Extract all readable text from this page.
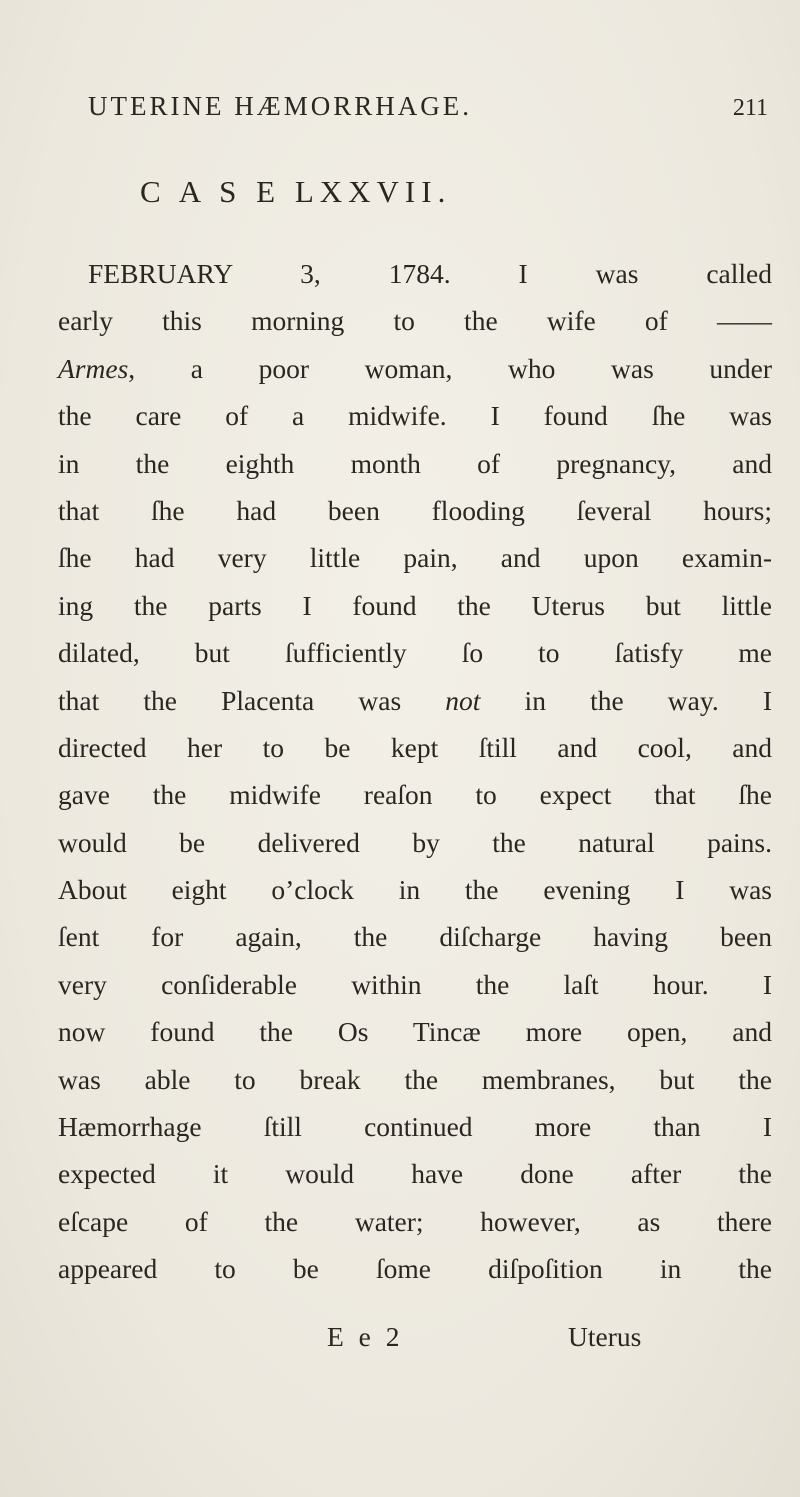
UTERINE HÆMORRHAGE.	211
C A S E LXXVII.
FEBRUARY 3, 1784. I was called
early this morning to the wife of ——
Armes, a poor woman, who was under
the care of a midwife. I found ſhe was
in the eighth month of pregnancy, and
that ſhe had been flooding ſeveral hours;
ſhe had very little pain, and upon examin-
ing the parts I found the Uterus but little
dilated, but ſufficiently ſo to ſatisfy me
that the Placenta was not in the way. I
directed her to be kept ſtill and cool, and
gave the midwife reaſon to expect that ſhe
would be delivered by the natural pains.
About eight o’clock in the evening I was
ſent for again, the diſcharge having been
very conſiderable within the laſt hour. I
now found the Os Tincæ more open, and
was able to break the membranes, but the
Hæmorrhage ſtill continued more than I
expected it would have done after the
eſcape of the water; however, as there
appeared to be ſome diſpoſition in the
E e 2	Uterus
